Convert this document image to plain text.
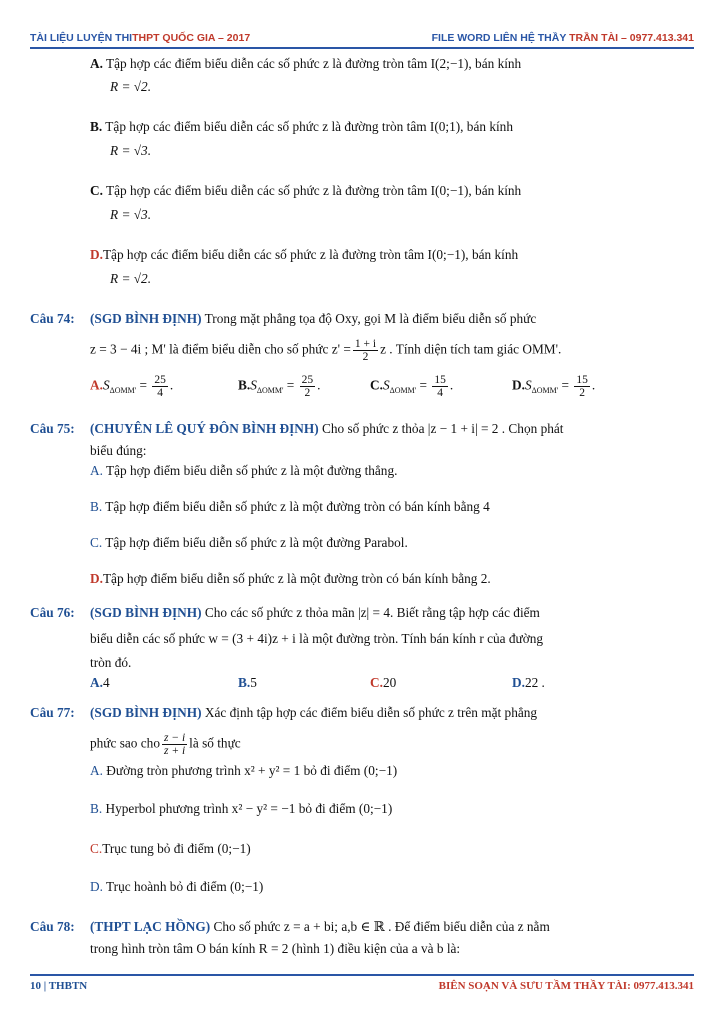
TÀI LIỆU LUYỆN THITHPT QUỐC GIA – 2017	FILE WORD LIÊN HỆ THẦY TRẦN TÀI – 0977.413.341
A. Tập hợp các điểm biểu diễn các số phức z là đường tròn tâm I(2;−1), bán kính
R = √2.
B. Tập hợp các điểm biểu diễn các số phức z là đường tròn tâm I(0;1), bán kính
R = √3.
C. Tập hợp các điểm biểu diễn các số phức z là đường tròn tâm I(0;−1), bán kính
R = √3.
D.Tập hợp các điểm biểu diễn các số phức z là đường tròn tâm I(0;−1), bán kính
R = √2.
Câu 74: (SGD BÌNH ĐỊNH) Trong mặt phẳng tọa độ Oxy, gọi M là điểm biểu diễn số phức
z = 3 − 4i ; M' là điểm biểu diễn cho số phức $z' = \frac{1 + i}{2}$ z . Tính diện tích tam giác OMM'.
$A.S_{\Delta OMM'} = \frac{25}{4}$ .	$B.S_{\Delta OMM'} = \frac{25}{2}$ .	$C.S_{\Delta OMM'} = \frac{15}{4}$ .	$D.S_{\Delta OMM'} = \frac{15}{2}$ .
Câu 75: (CHUYÊN LÊ QUÝ ĐÔN BÌNH ĐỊNH) Cho số phức z thỏa |z − 1 + i| = 2 . Chọn phát
biểu đúng:
A. Tập hợp điểm biểu diễn số phức z là một đường thẳng.
B. Tập hợp điểm biểu diễn số phức z là một đường tròn có bán kính bằng 4
C. Tập hợp điểm biểu diễn số phức z là một đường Parabol.
D.Tập hợp điểm biểu diễn số phức z là một đường tròn có bán kính bằng 2.
Câu 76: (SGD BÌNH ĐỊNH) Cho các số phức z thỏa mãn |z| = 4. Biết rằng tập hợp các điểm
biểu diễn các số phức w = (3 + 4i)z + i là một đường tròn. Tính bán kính r của đường
tròn đó.
A.4	B.5	C.20	D.22 .
Câu 77: (SGD BÌNH ĐỊNH) Xác định tập hợp các điểm biểu diễn số phức z trên mặt phẳng
phức sao cho $\frac{z - i}{z + i}$ là số thực
A. Đường tròn phương trình x² + y² = 1 bỏ đi điểm (0;−1)
B. Hyperbol phương trình x² − y² = −1 bỏ đi điểm (0;−1)
C.Trục tung bỏ đi điểm (0;−1)
D. Trục hoành bỏ đi điểm (0;−1)
Câu 78: (THPT LẠC HỒNG) Cho số phức z = a + bi; a,b ∈ ℝ . Để điểm biểu diễn của z nằm
trong hình tròn tâm O bán kính R = 2 (hình 1) điều kiện của a và b là:
10 | THBTN	BIÊN SOẠN VÀ SƯU TẦM THẦY TÀI: 0977.413.341
